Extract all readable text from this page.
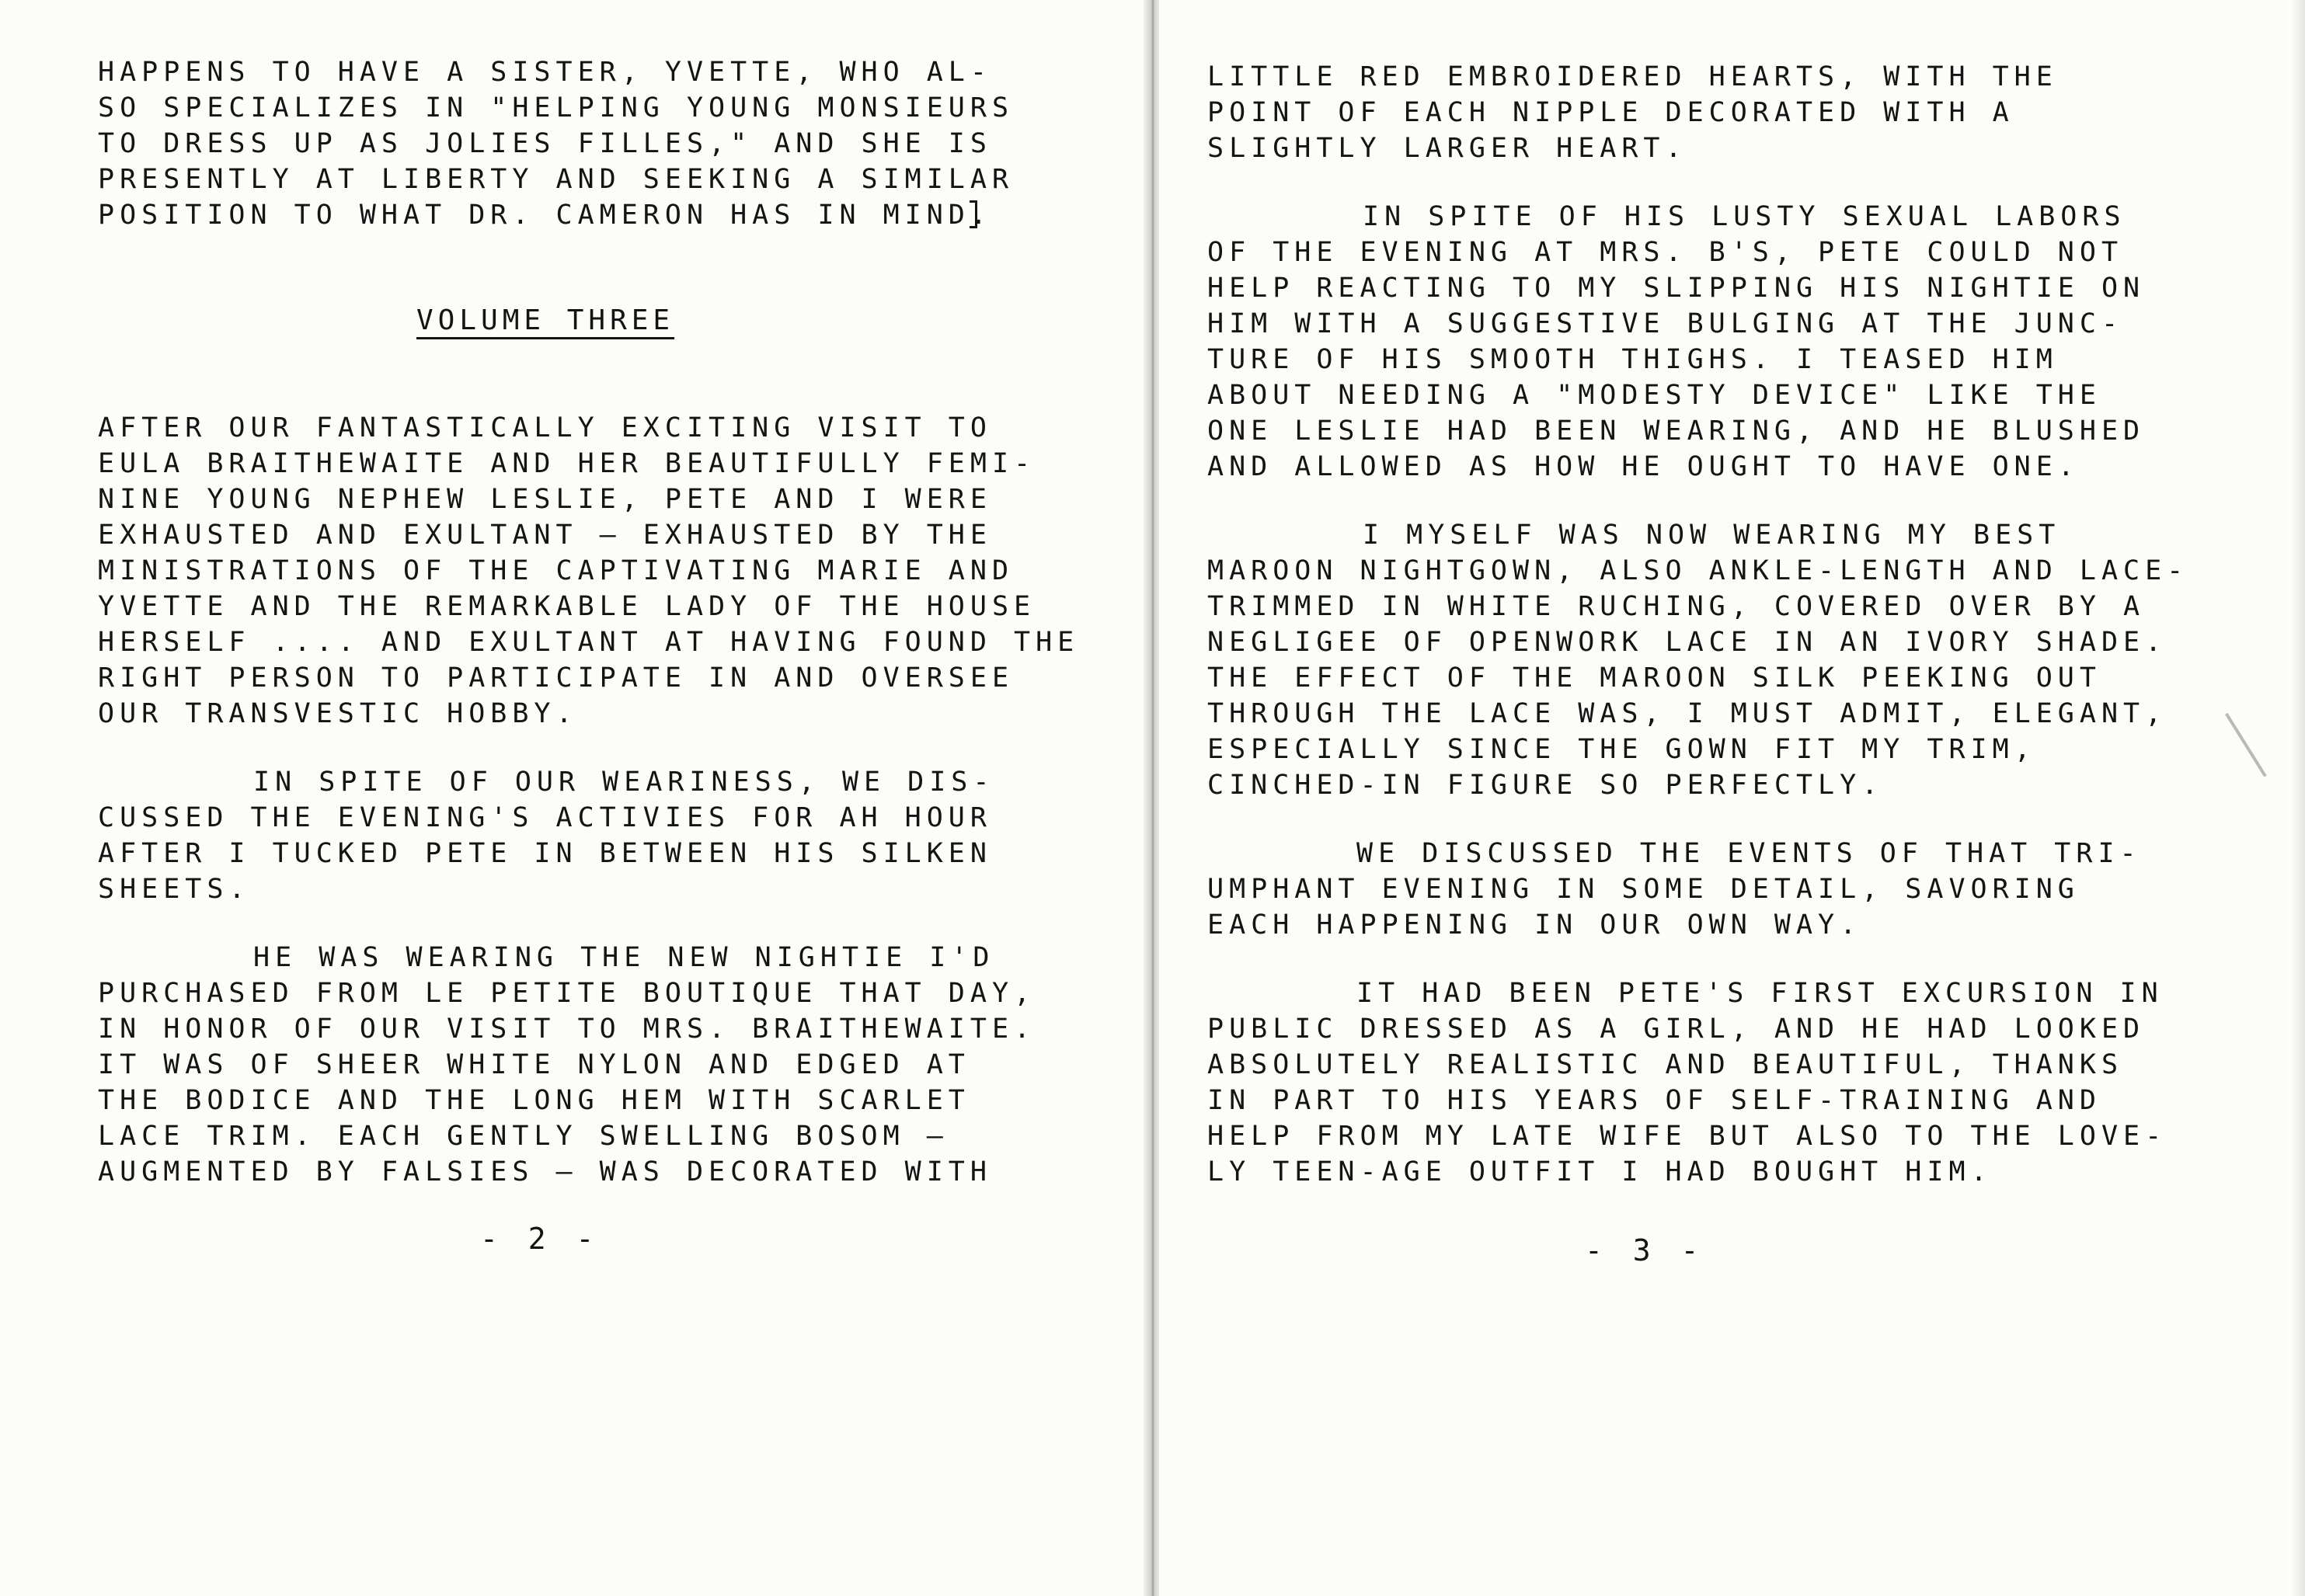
HAPPENS TO HAVE A SISTER, YVETTE, WHO AL-
SO SPECIALIZES IN "HELPING YOUNG MONSIEURS
TO DRESS UP AS JOLIES FILLES," AND SHE IS
PRESENTLY AT LIBERTY AND SEEKING A SIMILAR
POSITION TO WHAT DR. CAMERON HAS IN MIND.
AFTER OUR FANTASTICALLY EXCITING VISIT TO
EULA BRAITHEWAITE AND HER BEAUTIFULLY FEMI-
NINE YOUNG NEPHEW LESLIE, PETE AND I WERE
EXHAUSTED AND EXULTANT — EXHAUSTED BY THE
MINISTRATIONS OF THE CAPTIVATING MARIE AND
YVETTE AND THE REMARKABLE LADY OF THE HOUSE
HERSELF .... AND EXULTANT AT HAVING FOUND THE
RIGHT PERSON TO PARTICIPATE IN AND OVERSEE
OUR TRANSVESTIC HOBBY.
IN SPITE OF OUR WEARINESS, WE DIS-
CUSSED THE EVENING'S ACTIVIES FOR AH HOUR
AFTER I TUCKED PETE IN BETWEEN HIS SILKEN
SHEETS.
HE WAS WEARING THE NEW NIGHTIE I'D
PURCHASED FROM LE PETITE BOUTIQUE THAT DAY,
IN HONOR OF OUR VISIT TO MRS. BRAITHEWAITE.
IT WAS OF SHEER WHITE NYLON AND EDGED AT
THE BODICE AND THE LONG HEM WITH SCARLET
LACE TRIM. EACH GENTLY SWELLING BOSOM —
AUGMENTED BY FALSIES — WAS DECORATED WITH
VOLUME THREE
- 2 -
LITTLE RED EMBROIDERED HEARTS, WITH THE
POINT OF EACH NIPPLE DECORATED WITH A
SLIGHTLY LARGER HEART.
IN SPITE OF HIS LUSTY SEXUAL LABORS
OF THE EVENING AT MRS. B'S, PETE COULD NOT
HELP REACTING TO MY SLIPPING HIS NIGHTIE ON
HIM WITH A SUGGESTIVE BULGING AT THE JUNC-
TURE OF HIS SMOOTH THIGHS. I TEASED HIM
ABOUT NEEDING A "MODESTY DEVICE" LIKE THE
ONE LESLIE HAD BEEN WEARING, AND HE BLUSHED
AND ALLOWED AS HOW HE OUGHT TO HAVE ONE.
I MYSELF WAS NOW WEARING MY BEST
MAROON NIGHTGOWN, ALSO ANKLE-LENGTH AND LACE-
TRIMMED IN WHITE RUCHING, COVERED OVER BY A
NEGLIGEE OF OPENWORK LACE IN AN IVORY SHADE.
THE EFFECT OF THE MAROON SILK PEEKING OUT
THROUGH THE LACE WAS, I MUST ADMIT, ELEGANT,
ESPECIALLY SINCE THE GOWN FIT MY TRIM,
CINCHED-IN FIGURE SO PERFECTLY.
WE DISCUSSED THE EVENTS OF THAT TRI-
UMPHANT EVENING IN SOME DETAIL, SAVORING
EACH HAPPENING IN OUR OWN WAY.
IT HAD BEEN PETE'S FIRST EXCURSION IN
PUBLIC DRESSED AS A GIRL, AND HE HAD LOOKED
ABSOLUTELY REALISTIC AND BEAUTIFUL, THANKS
IN PART TO HIS YEARS OF SELF-TRAINING AND
HELP FROM MY LATE WIFE BUT ALSO TO THE LOVE-
LY TEEN-AGE OUTFIT I HAD BOUGHT HIM.
- 3 -
